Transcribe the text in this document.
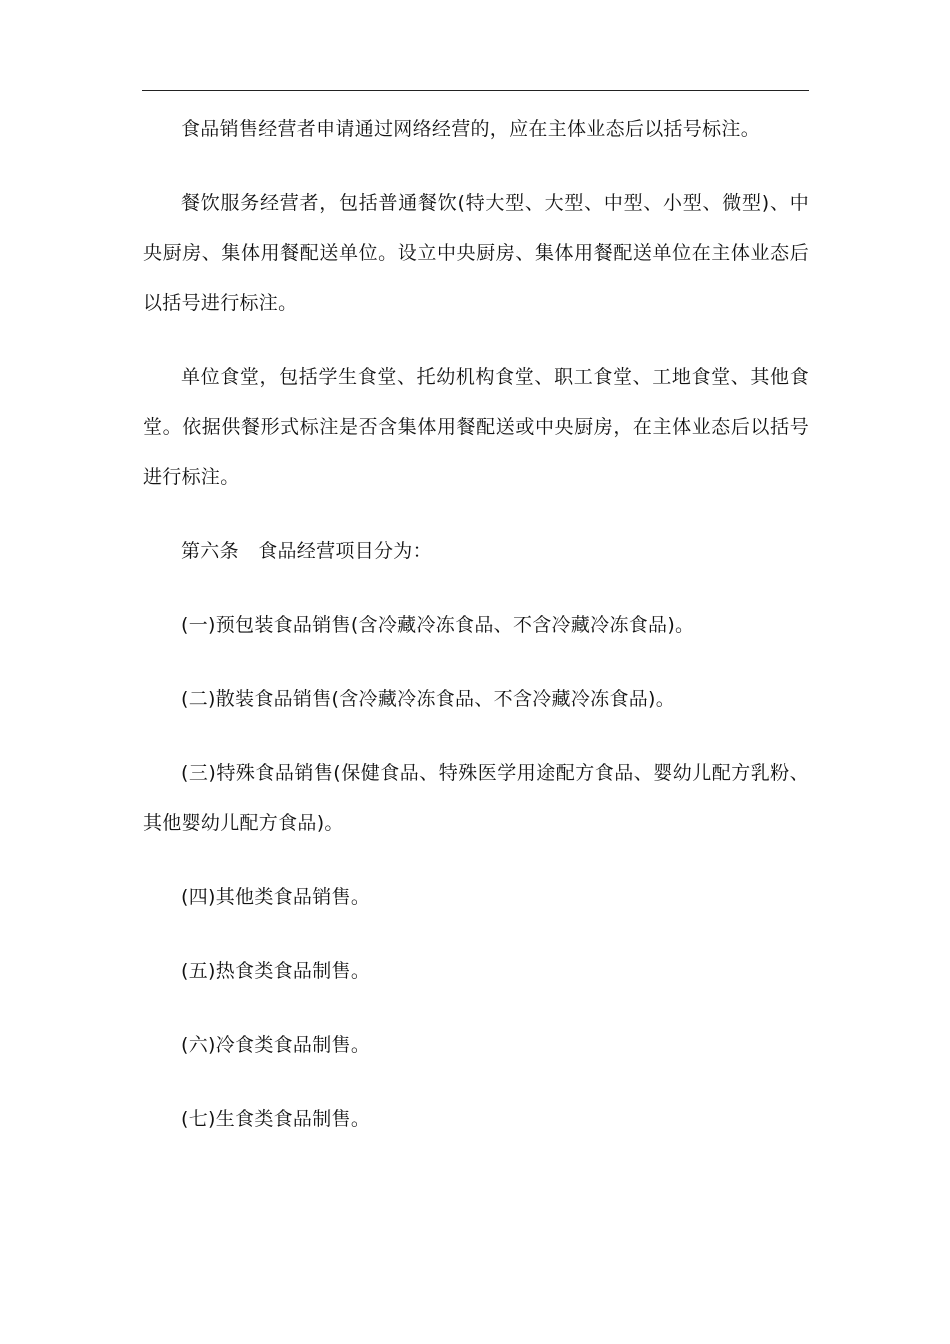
食品销售经营者申请通过网络经营的，应在主体业态后以括号标注。

餐饮服务经营者，包括普通餐饮(特大型、大型、中型、小型、微型)、中央厨房、集体用餐配送单位。设立中央厨房、集体用餐配送单位在主体业态后以括号进行标注。

单位食堂，包括学生食堂、托幼机构食堂、职工食堂、工地食堂、其他食堂。依据供餐形式标注是否含集体用餐配送或中央厨房，在主体业态后以括号进行标注。

第六条　食品经营项目分为：

(一)预包装食品销售(含冷藏冷冻食品、不含冷藏冷冻食品)。

(二)散装食品销售(含冷藏冷冻食品、不含冷藏冷冻食品)。

(三)特殊食品销售(保健食品、特殊医学用途配方食品、婴幼儿配方乳粉、其他婴幼儿配方食品)。

(四)其他类食品销售。

(五)热食类食品制售。

(六)冷食类食品制售。

(七)生食类食品制售。
